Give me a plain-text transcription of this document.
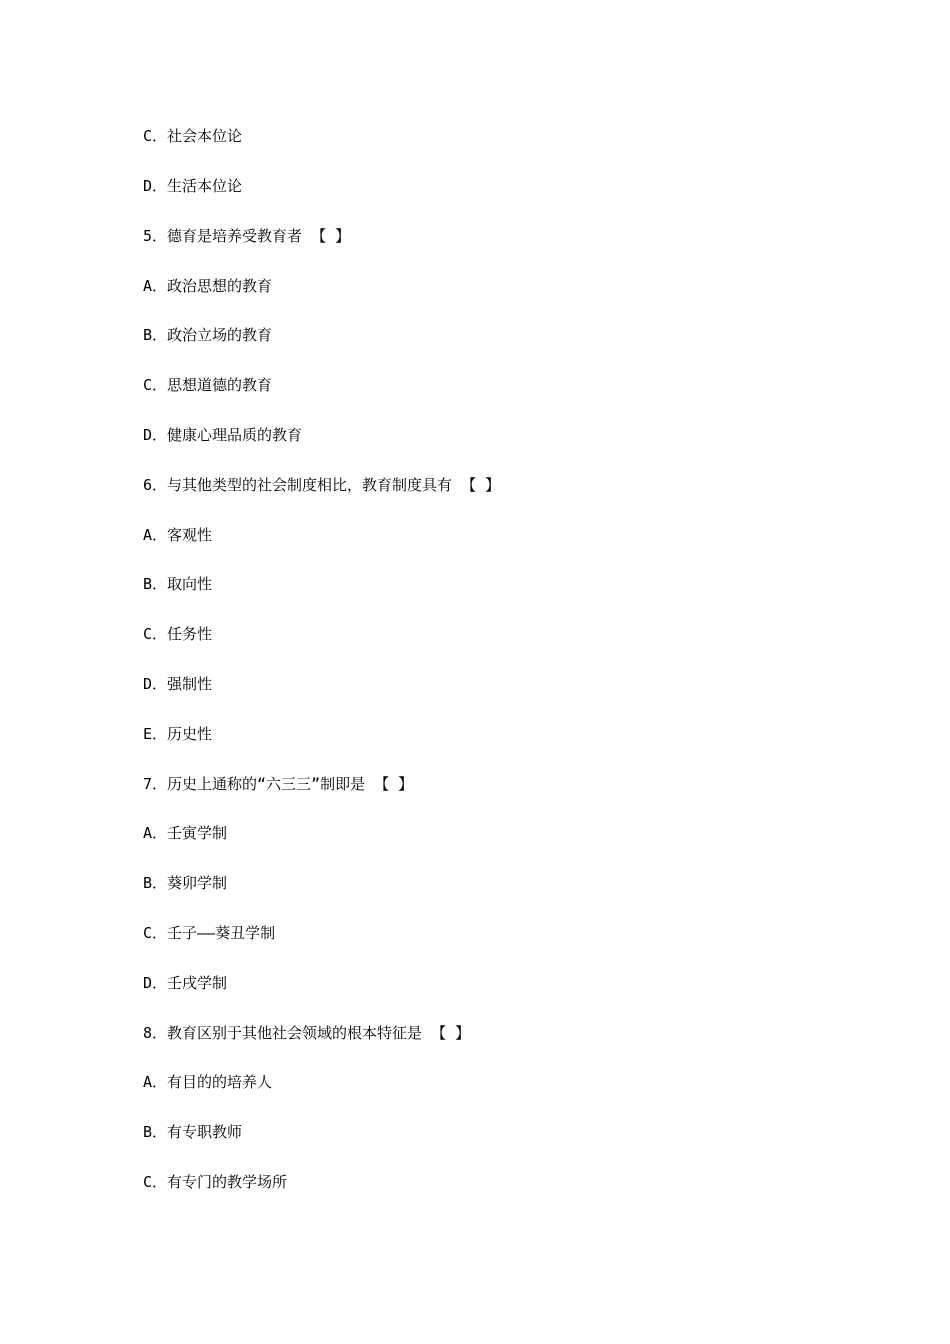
C．社会本位论
D．生活本位论
5．德育是培养受教育者 【 】
A．政治思想的教育
B．政治立场的教育
C．思想道德的教育
D．健康心理品质的教育
6．与其他类型的社会制度相比，教育制度具有 【 】
A．客观性
B．取向性
C．任务性
D．强制性
E．历史性
7．历史上通称的“六三三”制即是 【 】
A．壬寅学制
B．葵卯学制
C．壬子——葵丑学制
D．壬戌学制
8．教育区别于其他社会领域的根本特征是 【 】
A．有目的的培养人
B．有专职教师
C．有专门的教学场所
